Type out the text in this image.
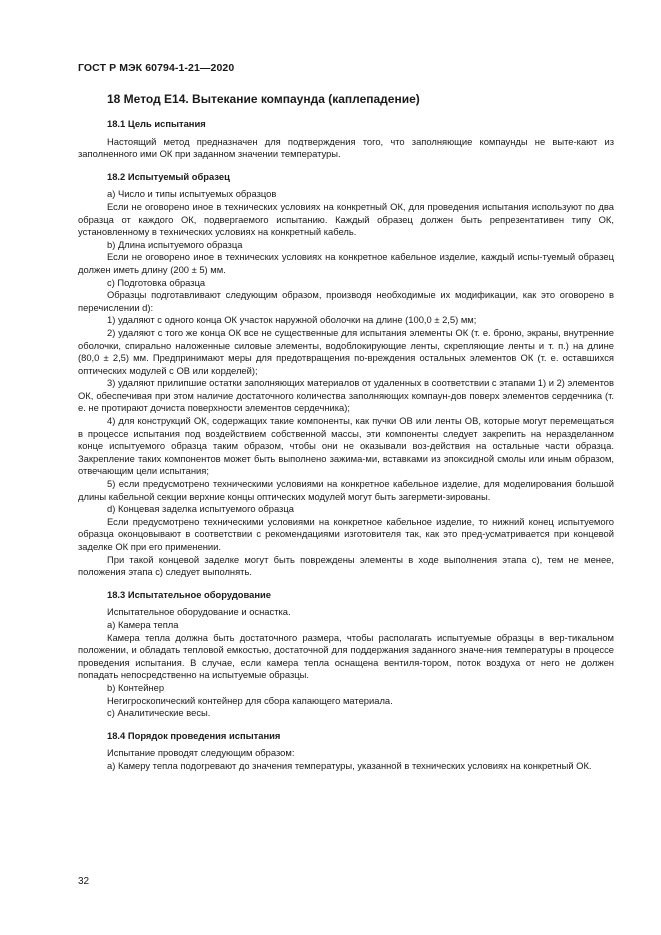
ГОСТ Р МЭК 60794-1-21—2020
18 Метод Е14. Вытекание компаунда (каплепадение)
18.1 Цель испытания

Настоящий метод предназначен для подтверждения того, что заполняющие компаунды не выте-кают из заполненного ими ОК при заданном значении температуры.

18.2 Испытуемый образец

a) Число и типы испытуемых образцов

Если не оговорено иное в технических условиях на конкретный ОК, для проведения испытания используют по два образца от каждого ОК, подвергаемого испытанию. Каждый образец должен быть репрезентативен типу ОК, установленному в технических условиях на конкретный кабель.

b) Длина испытуемого образца

Если не оговорено иное в технических условиях на конкретное кабельное изделие, каждый испы-туемый образец должен иметь длину (200 ± 5) мм.

c) Подготовка образца

Образцы подготавливают следующим образом, производя необходимые их модификации, как это оговорено в перечислении d):

1) удаляют с одного конца ОК участок наружной оболочки на длине (100,0 ± 2,5) мм;

2) удаляют с того же конца ОК все не существенные для испытания элементы ОК (т. е. броню, экраны, внутренние оболочки, спирально наложенные силовые элементы, водоблокирующие ленты, скрепляющие ленты и т. п.) на длине (80,0 ± 2,5) мм. Предпринимают меры для предотвращения по-вреждения остальных элементов ОК (т. е. оставшихся оптических модулей с ОВ или корделей);

3) удаляют прилипшие остатки заполняющих материалов от удаленных в соответствии с этапами 1) и 2) элементов ОК, обеспечивая при этом наличие достаточного количества заполняющих компаун-дов поверх элементов сердечника (т. е. не протирают дочиста поверхности элементов сердечника);

4) для конструкций ОК, содержащих такие компоненты, как пучки ОВ или ленты ОВ, которые могут перемещаться в процессе испытания под воздействием собственной массы, эти компоненты следует закрепить на неразделанном конце испытуемого образца таким образом, чтобы они не оказывали воз-действия на остальные части образца. Закрепление таких компонентов может быть выполнено зажима-ми, вставками из эпоксидной смолы или иным образом, отвечающим цели испытания;

5) если предусмотрено техническими условиями на конкретное кабельное изделие, для моделирования большой длины кабельной секции верхние концы оптических модулей могут быть загермети-зированы.

d) Концевая заделка испытуемого образца

Если предусмотрено техническими условиями на конкретное кабельное изделие, то нижний конец испытуемого образца оконцовывают в соответствии с рекомендациями изготовителя так, как это пред-усматривается при концевой заделке ОК при его применении.

При такой концевой заделке могут быть повреждены элементы в ходе выполнения этапа с), тем не менее, положения этапа с) следует выполнять.

18.3 Испытательное оборудование

Испытательное оборудование и оснастка.

a) Камера тепла

Камера тепла должна быть достаточного размера, чтобы располагать испытуемые образцы в вер-тикальном положении, и обладать тепловой емкостью, достаточной для поддержания заданного значе-ния температуры в процессе проведения испытания. В случае, если камера тепла оснащена вентиля-тором, поток воздуха от него не должен попадать непосредственно на испытуемые образцы.

b) Контейнер

Негигроскопический контейнер для сбора капающего материала.

c) Аналитические весы.

18.4 Порядок проведения испытания

Испытание проводят следующим образом:

a) Камеру тепла подогревают до значения температуры, указанной в технических условиях на конкретный ОК.

32
